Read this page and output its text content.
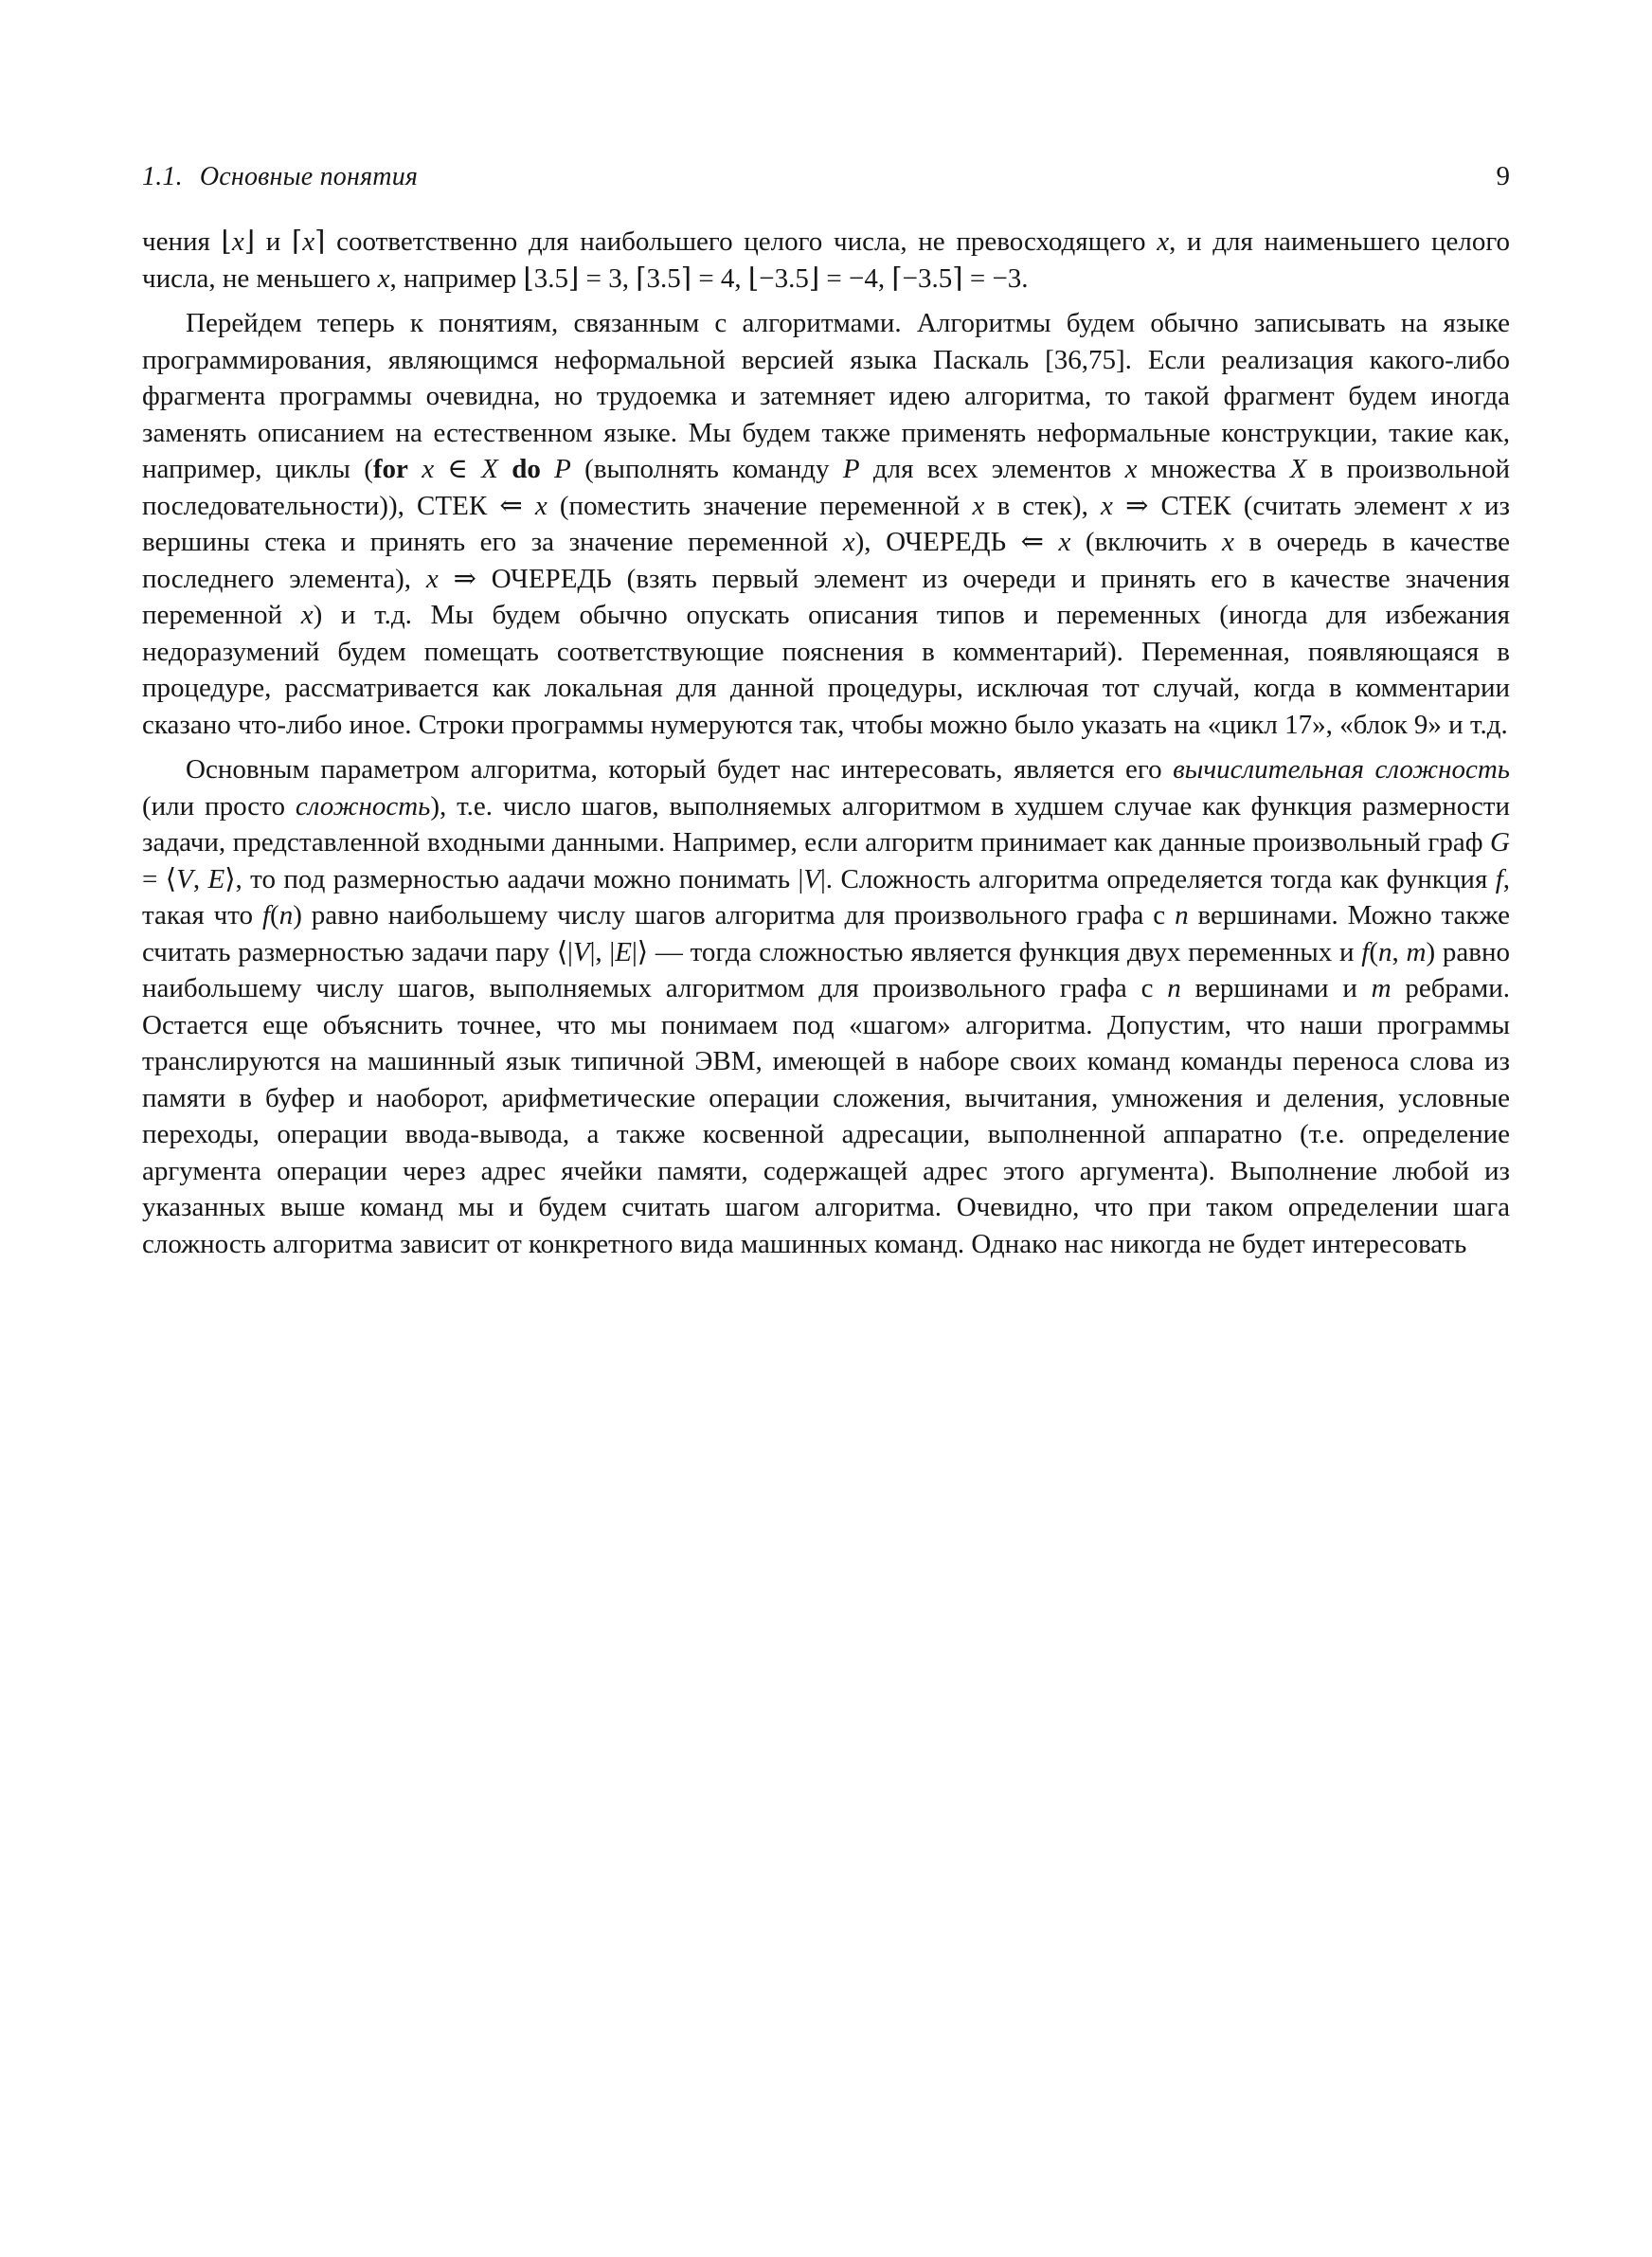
1.1. Основные понятия	9

чения ⌊x⌋ и ⌈x⌉ соответственно для наибольшего целого числа, не превосходящего x, и для наименьшего целого числа, не меньшего x, например ⌊3.5⌋ = 3, ⌈3.5⌉ = 4, ⌊−3.5⌋ = −4, ⌈−3.5⌉ = −3.

Перейдем теперь к понятиям, связанным с алгоритмами. Алгоритмы будем обычно записывать на языке программирования, являющимся неформальной версией языка Паскаль [36,75]. Если реализация какого-либо фрагмента программы очевидна, но трудоемка и затемняет идею алгоритма, то такой фрагмент будем иногда заменять описанием на естественном языке. Мы будем также применять неформальные конструкции, такие как, например, циклы (for x ∈ X do P (выполнять команду P для всех элементов x множества X в произвольной последовательности)), СТЕК ⇐ x (поместить значение переменной x в стек), x ⇒ СТЕК (считать элемент x из вершины стека и принять его за значение переменной x), ОЧЕРЕДЬ ⇐ x (включить x в очередь в качестве последнего элемента), x ⇒ ОЧЕРЕДЬ (взять первый элемент из очереди и принять его в качестве значения переменной x) и т.д. Мы будем обычно опускать описания типов и переменных (иногда для избежания недоразумений будем помещать соответствующие пояснения в комментарий). Переменная, появляющаяся в процедуре, рассматривается как локальная для данной процедуры, исключая тот случай, когда в комментарии сказано что-либо иное. Строки программы нумеруются так, чтобы можно было указать на «цикл 17», «блок 9» и т.д.

Основным параметром алгоритма, который будет нас интересовать, является его вычислительная сложность (или просто сложность), т.е. число шагов, выполняемых алгоритмом в худшем случае как функция размерности задачи, представленной входными данными. Например, если алгоритм принимает как данные произвольный граф G = ⟨V, E⟩, то под размерностью аадачи можно понимать |V|. Сложность алгоритма определяется тогда как функция f, такая что f(n) равно наибольшему числу шагов алгоритма для произвольного графа с n вершинами. Можно также считать размерностью задачи пару ⟨|V|, |E|⟩ — тогда сложностью является функция двух переменных и f(n, m) равно наибольшему числу шагов, выполняемых алгоритмом для произвольного графа с n вершинами и m ребрами. Остается еще объяснить точнее, что мы понимаем под «шагом» алгоритма. Допустим, что наши программы транслируются на машинный язык типичной ЭВМ, имеющей в наборе своих команд команды переноса слова из памяти в буфер и наоборот, арифметические операции сложения, вычитания, умножения и деления, условные переходы, операции ввода-вывода, а также косвенной адресации, выполненной аппаратно (т.е. определение аргумента операции через адрес ячейки памяти, содержащей адрес этого аргумента). Выполнение любой из указанных выше команд мы и будем считать шагом алгоритма. Очевидно, что при таком определении шага сложность алгоритма зависит от конкретного вида машинных команд. Однако нас никогда не будет интересовать
